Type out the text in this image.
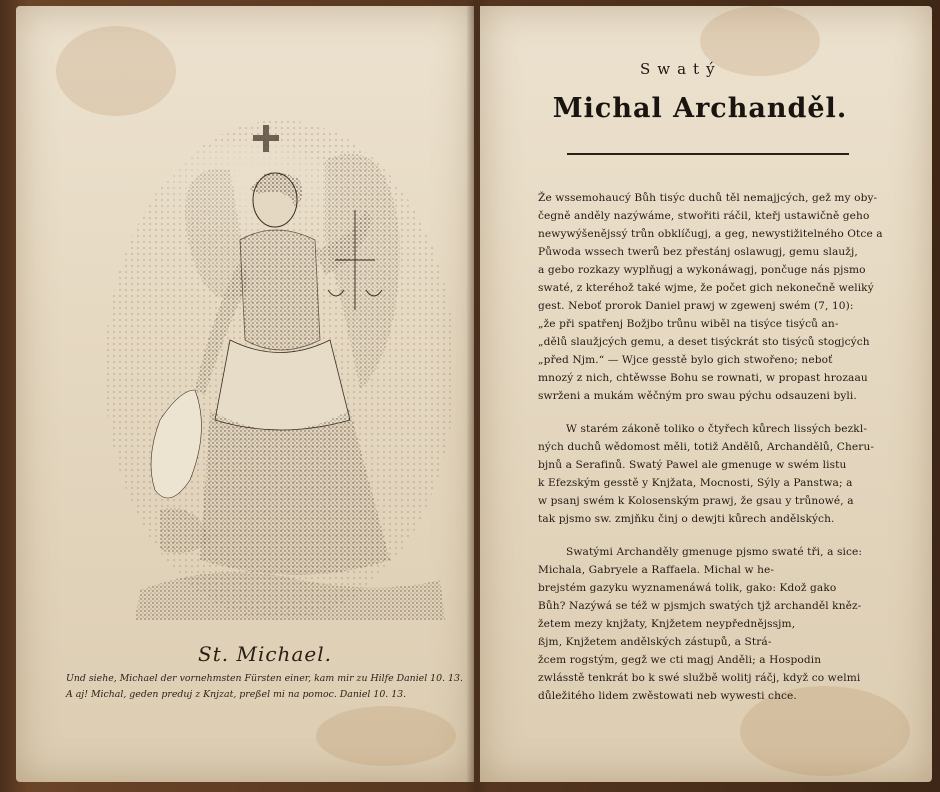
St. Michael.
Und siehe, Michael der vornehmsten Fürsten einer, kam mir zu Hilfe Daniel 10. 13.
A aj! Michal, geden preduj z Knjzat, preßel mi na pomoc. Daniel 10. 13.
Swatý
Michal Archanděl.
Že wssemohaucý Bůh tisýc duchů těl nemajjcých, gež my oby-
čegně anděly nazýwáme, stwořiti ráčil, kteřj ustawičně geho
newywýšenějssý trůn obklíčugj, a geg, newystižitelného Otce a
Půwoda wssech twerů bez přestánj oslawugj, gemu slaužj,
a gebo rozkazy wyplňugj a wykonáwagj, pončuge nás pjsmo
swaté, z kteréhož také wjme, že počet gich nekonečně weliký
gest. Neboť prorok Daniel prawj w zgewenj swém (7, 10):
„že při spatřenj Božjbo trůnu wiběl na tisýce tisýců an-
„dělů slaužjcých gemu, a deset tisýckrát sto tisýců stogjcých
„před Njm.“ — Wjce gesstě bylo gich stwořeno; neboť
mnozý z nich, chtěwsse Bohu se rownati, w propast hrozaau
swrženi a mukám wěčným pro swau pýchu odsauzeni byli.
W starém zákoně toliko o čtyřech kůrech lissých bezkl-
ných duchů wědomost měli, totiž Andělů, Archandělů, Cheru-
bjnů a Serafinů. Swatý Pawel ale gmenuge w swém listu
k Efezským gesstě y Knjžata, Mocnosti, Sýly a Panstwa; a
w psanj swém k Kolosenským prawj, že gsau y trůnowé, a
tak pjsmo sw. zmjňku činj o dewjti kůrech andělských.
Swatými Archanděly gmenuge pjsmo swaté tři, a sice:
Michala, Gabryele a Raffaela. Michal w he-
brejstém gazyku wyznamenáwá tolik, gako: Kdož gako
Bůh? Nazýwá se též w pjsmjch swatých tjž archanděl kněz-
žetem mezy knjžaty, Knjžetem neypřednějssjm,
ßjm, Knjžetem andělských zástupů, a Strá-
žcem rogstým, gegž we cti magj Anděli; a Hospodin
zwlásstě tenkrát bo k swé službě wolitj ráčj, když co welmi
důležitého lidem zwěstowati neb wywesti chce.
